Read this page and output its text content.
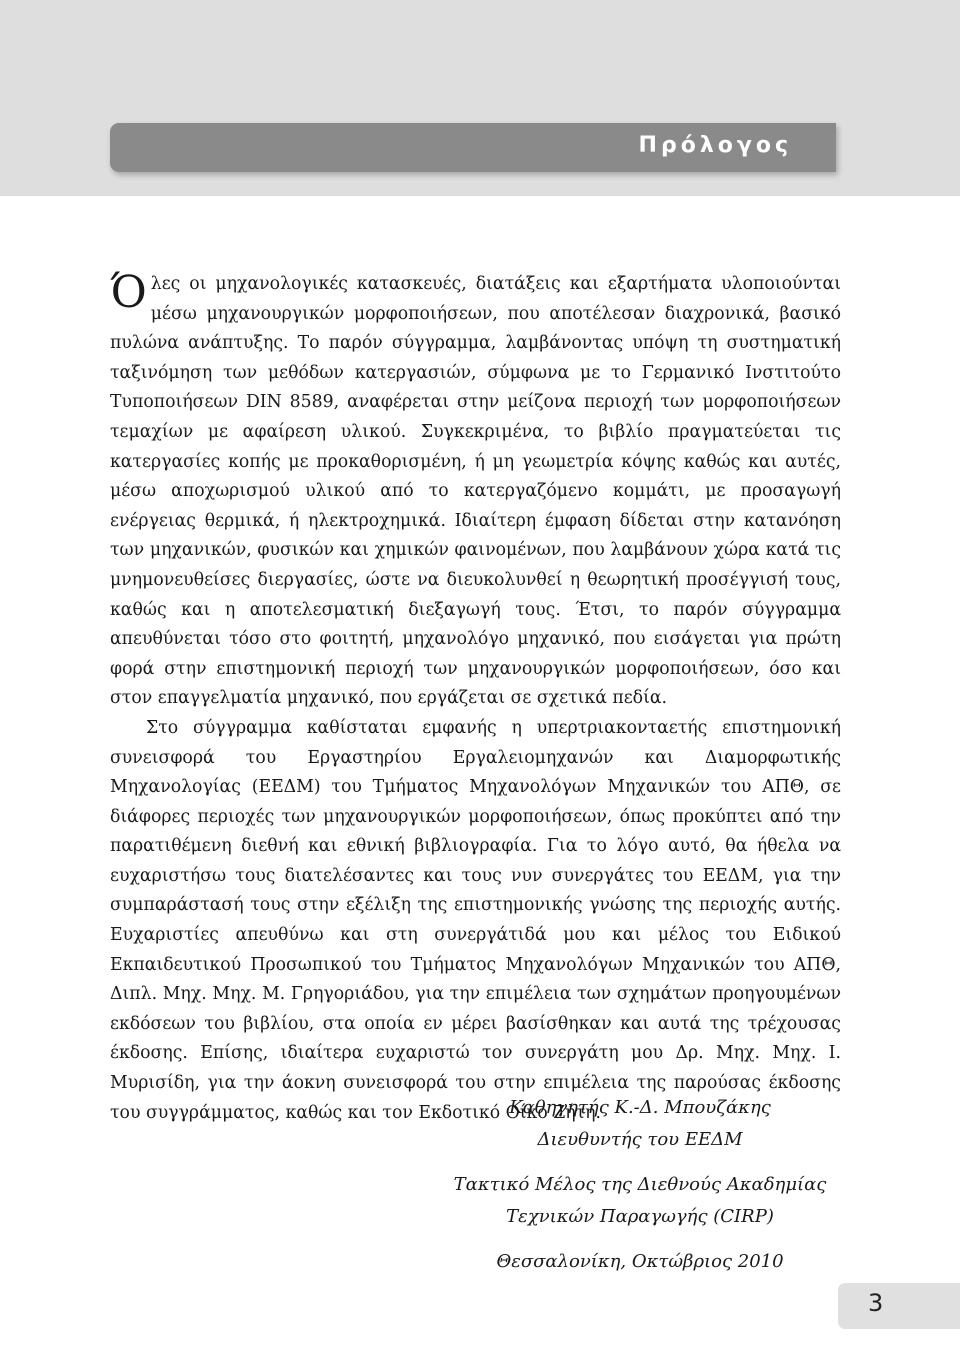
Πρόλογος

Όλες οι μηχανολογικές κατασκευές, διατάξεις και εξαρτήματα υλοποιούνται μέσω μηχανουργικών μορφοποιήσεων, που αποτέλεσαν διαχρονικά, βασικό πυλώνα ανάπτυξης. Το παρόν σύγγραμμα, λαμβάνοντας υπόψη τη συστηματική ταξινόμηση των μεθόδων κατεργασιών, σύμφωνα με το Γερμανικό Ινστιτούτο Τυποποιήσεων DIN 8589, αναφέρεται στην μείζονα περιοχή των μορφοποιήσεων τεμαχίων με αφαίρεση υλικού. Συγκεκριμένα, το βιβλίο πραγματεύεται τις κατεργασίες κοπής με προκαθορισμένη, ή μη γεωμετρία κόψης καθώς και αυτές, μέσω αποχωρισμού υλικού από το κατεργαζόμενο κομμάτι, με προσαγωγή ενέργειας θερμικά, ή ηλεκτροχημικά. Ιδιαίτερη έμφαση δίδεται στην κατανόηση των μηχανικών, φυσικών και χημικών φαινομένων, που λαμβάνουν χώρα κατά τις μνημονευθείσες διεργασίες, ώστε να διευκολυνθεί η θεωρητική προσέγγισή τους, καθώς και η αποτελεσματική διεξαγωγή τους. Έτσι, το παρόν σύγγραμμα απευθύνεται τόσο στο φοιτητή, μηχανολόγο μηχανικό, που εισάγεται για πρώτη φορά στην επιστημονική περιοχή των μηχανουργικών μορφοποιήσεων, όσο και στον επαγγελματία μηχανικό, που εργάζεται σε σχετικά πεδία.

Στο σύγγραμμα καθίσταται εμφανής η υπερτριακονταετής επιστημονική συνεισφορά του Εργαστηρίου Εργαλειομηχανών και Διαμορφωτικής Μηχανολογίας (ΕΕΔΜ) του Τμήματος Μηχανολόγων Μηχανικών του ΑΠΘ, σε διάφορες περιοχές των μηχανουργικών μορφοποιήσεων, όπως προκύπτει από την παρατιθέμενη διεθνή και εθνική βιβλιογραφία. Για το λόγο αυτό, θα ήθελα να ευχαριστήσω τους διατελέσαντες και τους νυν συνεργάτες του ΕΕΔΜ, για την συμπαράστασή τους στην εξέλιξη της επιστημονικής γνώσης της περιοχής αυτής. Ευχαριστίες απευθύνω και στη συνεργάτιδά μου και μέλος του Ειδικού Εκπαιδευτικού Προσωπικού του Τμήματος Μηχανολόγων Μηχανικών του ΑΠΘ, Διπλ. Μηχ. Μηχ. Μ. Γρηγοριάδου, για την επιμέλεια των σχημάτων προηγουμένων εκδόσεων του βιβλίου, στα οποία εν μέρει βασίσθηκαν και αυτά της τρέχουσας έκδοσης. Επίσης, ιδιαίτερα ευχαριστώ τον συνεργάτη μου Δρ. Μηχ. Μηχ. Ι. Μυρισίδη, για την άοκνη συνεισφορά του στην επιμέλεια της παρούσας έκδοσης του συγγράμματος, καθώς και τον Εκδοτικό Οίκο Ζήτη.

Καθηγητής Κ.-Δ. Μπουζάκης
Διευθυντής του ΕΕΔΜ
Τακτικό Μέλος της Διεθνούς Ακαδημίας
Τεχνικών Παραγωγής (CIRP)
Θεσσαλονίκη, Οκτώβριος 2010
3
